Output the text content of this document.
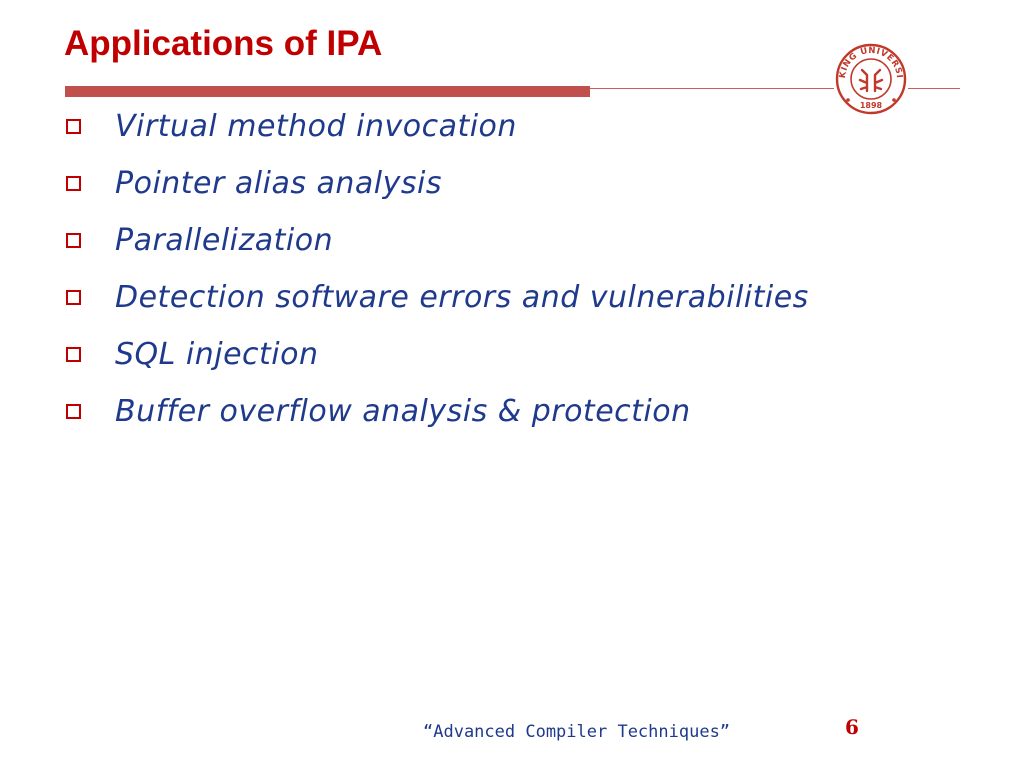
Applications of IPA
KING UNIVERSI
1898
Virtual method invocation
Pointer alias analysis
Parallelization
Detection software errors and vulnerabilities
SQL injection
Buffer overflow analysis & protection
“Advanced Compiler Techniques”	6
